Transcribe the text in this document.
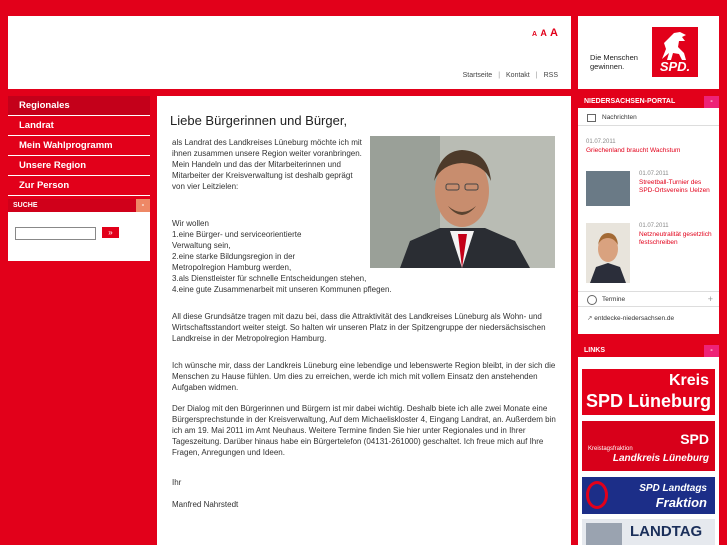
A A A
Startseite | Kontakt | RSS
Die Menschen
gewinnen.	SPD.
Regionales
Landrat
Mein Wahlprogramm
Unsere Region
Zur Person
SUCHE	-
»
Liebe Bürgerinnen und Bürger,
als Landrat des Landkreises Lüneburg möchte ich mit ihnen zusammen unsere Region weiter voranbringen. Mein Handeln und das der Mitarbeiterinnen und Mitarbeiter der Kreisverwaltung ist deshalb geprägt von vier Leitzielen:
Wir wollen
1.eine Bürger- und serviceorientierte
Verwaltung sein,
2.eine starke Bildungsregion in der
Metropolregion Hamburg werden,
3.als Dienstleister für schnelle Entscheidungen stehen,
4.eine gute Zusammenarbeit mit unseren Kommunen pflegen.
All diese Grundsätze tragen mit dazu bei, dass die Attraktivität des Landkreises Lüneburg als Wohn- und Wirtschaftsstandort weiter steigt. So halten wir unseren Platz in der Spitzengruppe der niedersächsischen Landkreise in der Metropolregion Hamburg.
Ich wünsche mir, dass der Landkreis Lüneburg eine lebendige und lebenswerte Region bleibt, in der sich die Menschen zu Hause fühlen. Um dies zu erreichen, werde ich mich mit vollem Einsatz den anstehenden Aufgaben widmen.
Der Dialog mit den Bürgerinnen und Bürgern ist mir dabei wichtig. Deshalb biete ich alle zwei Monate eine Bürgersprechstunde in der Kreisverwaltung, Auf dem Michaeliskloster 4, Eingang Landrat, an. Außerdem bin ich am 19. Mai 2011 im Amt Neuhaus. Weitere Termine finden Sie hier unter Regionales und in Ihrer Tageszeitung. Darüber hinaus habe ein Bürgertelefon (04131-261000) geschaltet. Ich freue mich auf Ihre Fragen, Anregungen und Ideen.
Ihr
Manfred Nahrstedt
NIEDERSACHSEN-PORTAL	-
Nachrichten
01.07.2011
Griechenland braucht Wachstum
01.07.2011
Streetball-Turnier des SPD-Ortsvereins Uelzen
01.07.2011
Netzneutralität gesetzlich festschreiben
Termine	+
↗ entdecke-niedersachsen.de
LINKS	-
Kreis
SPD Lüneburg
SPD
Kreistagsfraktion
Landkreis Lüneburg
SPD Landtags
Fraktion
LANDTAG
